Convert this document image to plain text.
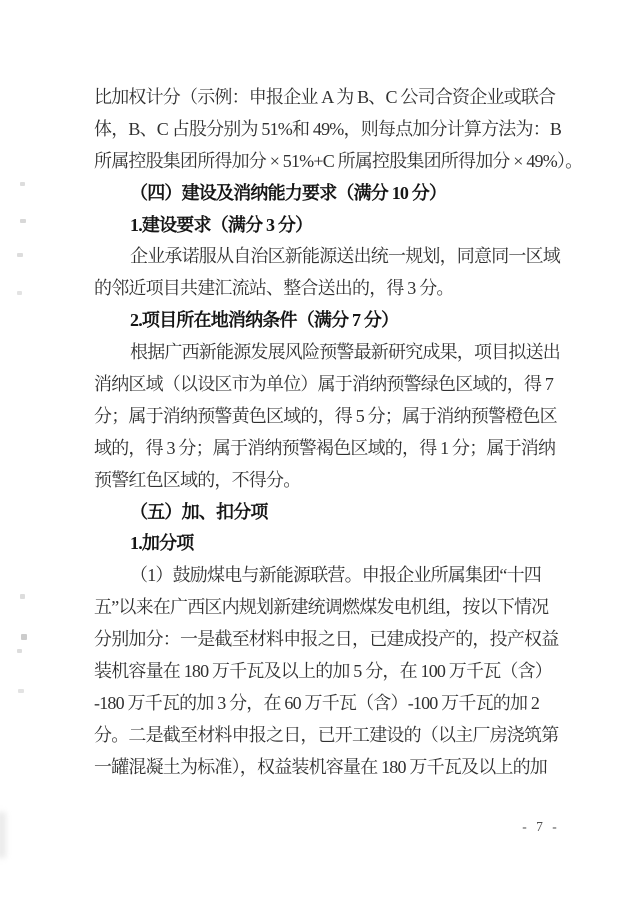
比加权计分（示例：申报企业 A 为 B、C 公司合资企业或联合
体，B、C 占股分别为 51%和 49%，则每点加分计算方法为：B
所属控股集团所得加分 × 51%+C 所属控股集团所得加分 × 49%）。
（四）建设及消纳能力要求（满分 10 分）
1.建设要求（满分 3 分）
企业承诺服从自治区新能源送出统一规划，同意同一区域
的邻近项目共建汇流站、整合送出的，得 3 分。
2.项目所在地消纳条件（满分 7 分）
根据广西新能源发展风险预警最新研究成果，项目拟送出
消纳区域（以设区市为单位）属于消纳预警绿色区域的，得 7
分；属于消纳预警黄色区域的，得 5 分；属于消纳预警橙色区
域的，得 3 分；属于消纳预警褐色区域的，得 1 分；属于消纳
预警红色区域的，不得分。
（五）加、扣分项
1.加分项
（1）鼓励煤电与新能源联营。申报企业所属集团“十四
五”以来在广西区内规划新建统调燃煤发电机组，按以下情况
分别加分：一是截至材料申报之日，已建成投产的，投产权益
装机容量在 180 万千瓦及以上的加 5 分，在 100 万千瓦（含）
-180 万千瓦的加 3 分，在 60 万千瓦（含）-100 万千瓦的加 2
分。二是截至材料申报之日，已开工建设的（以主厂房浇筑第
一罐混凝土为标准），权益装机容量在 180 万千瓦及以上的加
- 7 -
